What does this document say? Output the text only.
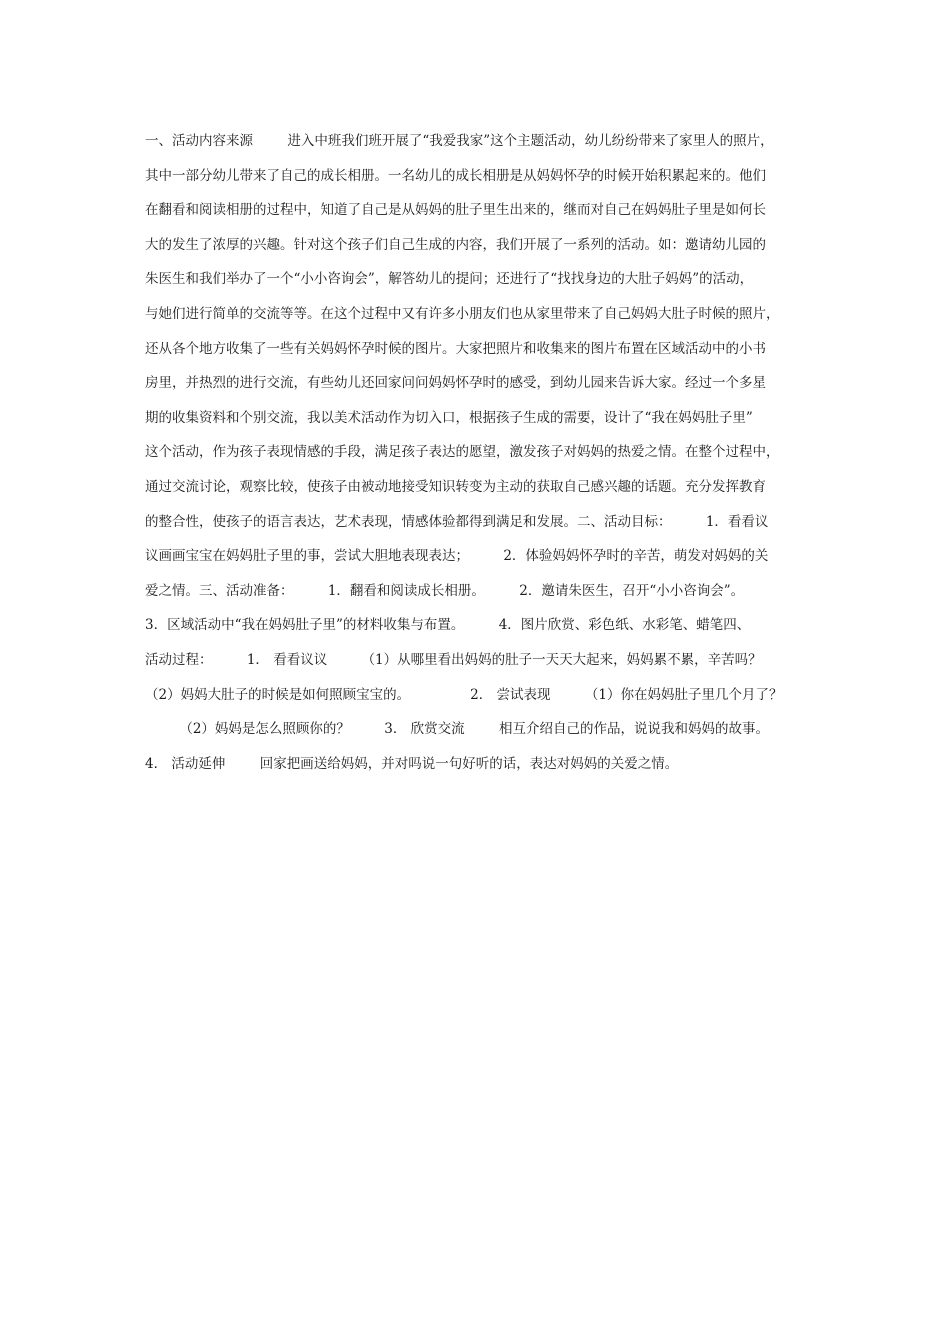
一、活动内容来源        进入中班我们班开展了“我爱我家”这个主题活动，幼儿纷纷带来了家里人的照片，
其中一部分幼儿带来了自己的成长相册。一名幼儿的成长相册是从妈妈怀孕的时候开始积累起来的。他们
在翻看和阅读相册的过程中，知道了自己是从妈妈的肚子里生出来的，继而对自己在妈妈肚子里是如何长
大的发生了浓厚的兴趣。针对这个孩子们自己生成的内容，我们开展了一系列的活动。如：邀请幼儿园的
朱医生和我们举办了一个“小小咨询会”，解答幼儿的提问；还进行了“找找身边的大肚子妈妈”的活动，
与她们进行简单的交流等等。在这个过程中又有许多小朋友们也从家里带来了自己妈妈大肚子时候的照片，
还从各个地方收集了一些有关妈妈怀孕时候的图片。大家把照片和收集来的图片布置在区域活动中的小书
房里，并热烈的进行交流，有些幼儿还回家问问妈妈怀孕时的感受，到幼儿园来告诉大家。经过一个多星
期的收集资料和个别交流，我以美术活动作为切入口，根据孩子生成的需要，设计了“我在妈妈肚子里”
这个活动，作为孩子表现情感的手段，满足孩子表达的愿望，激发孩子对妈妈的热爱之情。在整个过程中，
通过交流讨论，观察比较，使孩子由被动地接受知识转变为主动的获取自己感兴趣的话题。充分发挥教育
的整合性，使孩子的语言表达，艺术表现，情感体验都得到满足和发展。二、活动目标：        1．看看议
议画画宝宝在妈妈肚子里的事，尝试大胆地表现表达；        2．体验妈妈怀孕时的辛苦，萌发对妈妈的关
爱之情。三、活动准备：        1．翻看和阅读成长相册。        2．邀请朱医生，召开“小小咨询会”。
3．区域活动中“我在妈妈肚子里”的材料收集与布置。        4．图片欣赏、彩色纸、水彩笔、蜡笔四、
活动过程：        1． 看看议议        （1）从哪里看出妈妈的肚子一天天大起来，妈妈累不累，辛苦吗？
（2）妈妈大肚子的时候是如何照顾宝宝的。              2． 尝试表现        （1）你在妈妈肚子里几个月了？
（2）妈妈是怎么照顾你的？        3． 欣赏交流        相互介绍自己的作品，说说我和妈妈的故事。
4． 活动延伸        回家把画送给妈妈，并对吗说一句好听的话，表达对妈妈的关爱之情。
